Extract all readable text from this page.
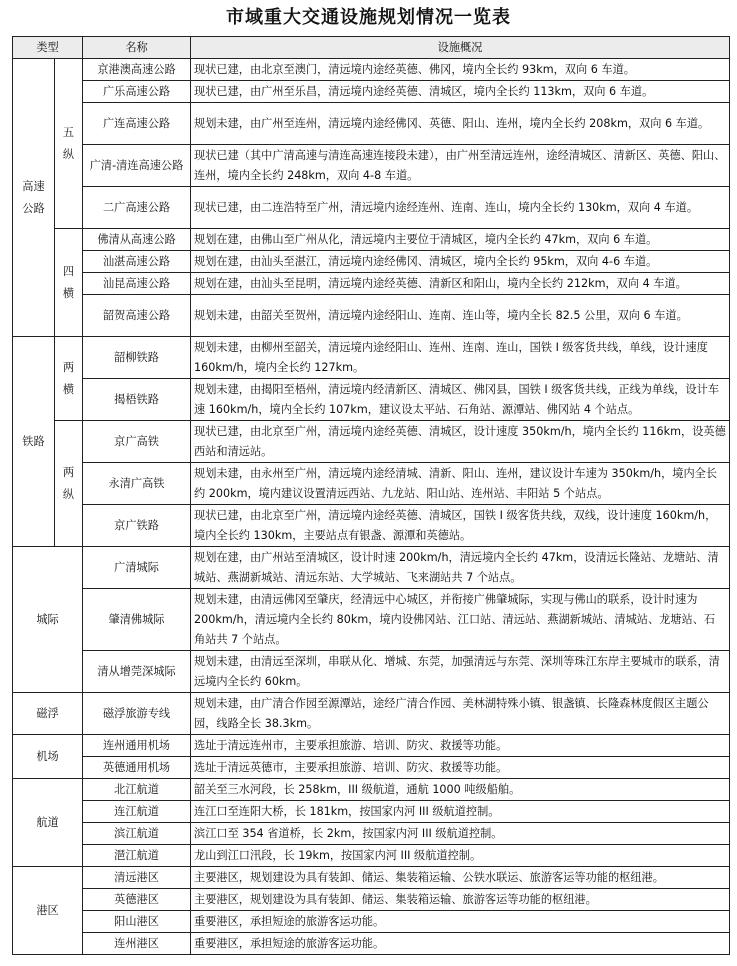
市域重大交通设施规划情况一览表
类型		名称	设施概况
高速公路	五纵	京港澳高速公路	现状已建，由北京至澳门，清远境内途经英德、佛冈，境内全长约 93km，双向 6 车道。
		广乐高速公路	现状已建，由广州至乐昌，清远境内途经英德、清城区，境内全长约 113km，双向 6 车道。
		广连高速公路	规划未建，由广州至连州，清远境内途经佛冈、英德、阳山、连州，境内全长约 208km，双向 6 车道。
		广清-清连高速公路	现状已建（其中广清高速与清连高速连接段未建），由广州至清远连州，途经清城区、清新区、英德、阳山、连州，境内全长约 248km，双向 4-8 车道。
		二广高速公路	现状已建，由二连浩特至广州，清远境内途经连州、连南、连山，境内全长约 130km，双向 4 车道。
	四横	佛清从高速公路	规划在建，由佛山至广州从化，清远境内主要位于清城区，境内全长约 47km，双向 6 车道。
		汕湛高速公路	规划在建，由汕头至湛江，清远境内途经佛冈、清城区，境内全长约 95km，双向 4-6 车道。
		汕昆高速公路	规划在建，由汕头至昆明，清远境内途经英德、清新区和阳山，境内全长约 212km，双向 4 车道。
		韶贺高速公路	规划未建，由韶关至贺州，清远境内途经阳山、连南、连山等，境内全长 82.5 公里，双向 6 车道。
铁路	两横	韶柳铁路	规划未建，由柳州至韶关，清远境内途经阳山、连州、连南、连山，国铁 I 级客货共线，单线，设计速度 160km/h，境内全长约 127km。
		揭梧铁路	规划未建，由揭阳至梧州，清远境内经清新区、清城区、佛冈县，国铁 I 级客货共线，正线为单线，设计车速 160km/h，境内全长约 107km，建议设太平站、石角站、源潭站、佛冈站 4 个站点。
	两纵	京广高铁	现状已建，由北京至广州，清远境内途经英德、清城区，设计速度 350km/h，境内全长约 116km，设英德西站和清远站。
		永清广高铁	规划未建，由永州至广州，清远境内途经清城、清新、阳山、连州，建议设计车速为 350km/h，境内全长约 200km，境内建议设置清远西站、九龙站、阳山站、连州站、丰阳站 5 个站点。
		京广铁路	现状已建，由北京至广州，清远境内途经英德、清城区，国铁 I 级客货共线，双线，设计速度 160km/h，境内全长约 130km，主要站点有银盏、源潭和英德站。
城际		广清城际	规划在建，由广州站至清城区，设计时速 200km/h，清远境内全长约 47km，设清远长隆站、龙塘站、清城站、燕湖新城站、清远东站、大学城站、飞来湖站共 7 个站点。
		肇清佛城际	规划未建，由清远佛冈至肇庆，经清远中心城区，并衔接广佛肇城际，实现与佛山的联系，设计时速为 200km/h，清远境内全长约 80km，境内设佛冈站、江口站、清远站、燕湖新城站、清城站、龙塘站、石角站共 7 个站点。
		清从增莞深城际	规划未建，由清远至深圳，串联从化、增城、东莞，加强清远与东莞、深圳等珠江东岸主要城市的联系，清远境内全长约 60km。
磁浮		磁浮旅游专线	规划未建，由广清合作园至源潭站，途经广清合作园、美林湖特殊小镇、银盏镇、长隆森林度假区主题公园，线路全长 38.3km。
机场		连州通用机场	选址于清远连州市，主要承担旅游、培训、防灾、救援等功能。
		英德通用机场	选址于清远英德市，主要承担旅游、培训、防灾、救援等功能。
航道		北江航道	韶关至三水河段，长 258km，III 级航道，通航 1000 吨级船舶。
		连江航道	连江口至连阳大桥，长 181km，按国家内河 III 级航道控制。
		滨江航道	滨江口至 354 省道桥，长 2km，按国家内河 III 级航道控制。
		潖江航道	龙山到江口汛段，长 19km，按国家内河 III 级航道控制。
港区		清远港区	主要港区，规划建设为具有装卸、储运、集装箱运输、公铁水联运、旅游客运等功能的枢纽港。
		英德港区	主要港区，规划建设为具有装卸、储运、集装箱运输、旅游客运等功能的枢纽港。
		阳山港区	重要港区，承担短途的旅游客运功能。
		连州港区	重要港区，承担短途的旅游客运功能。
